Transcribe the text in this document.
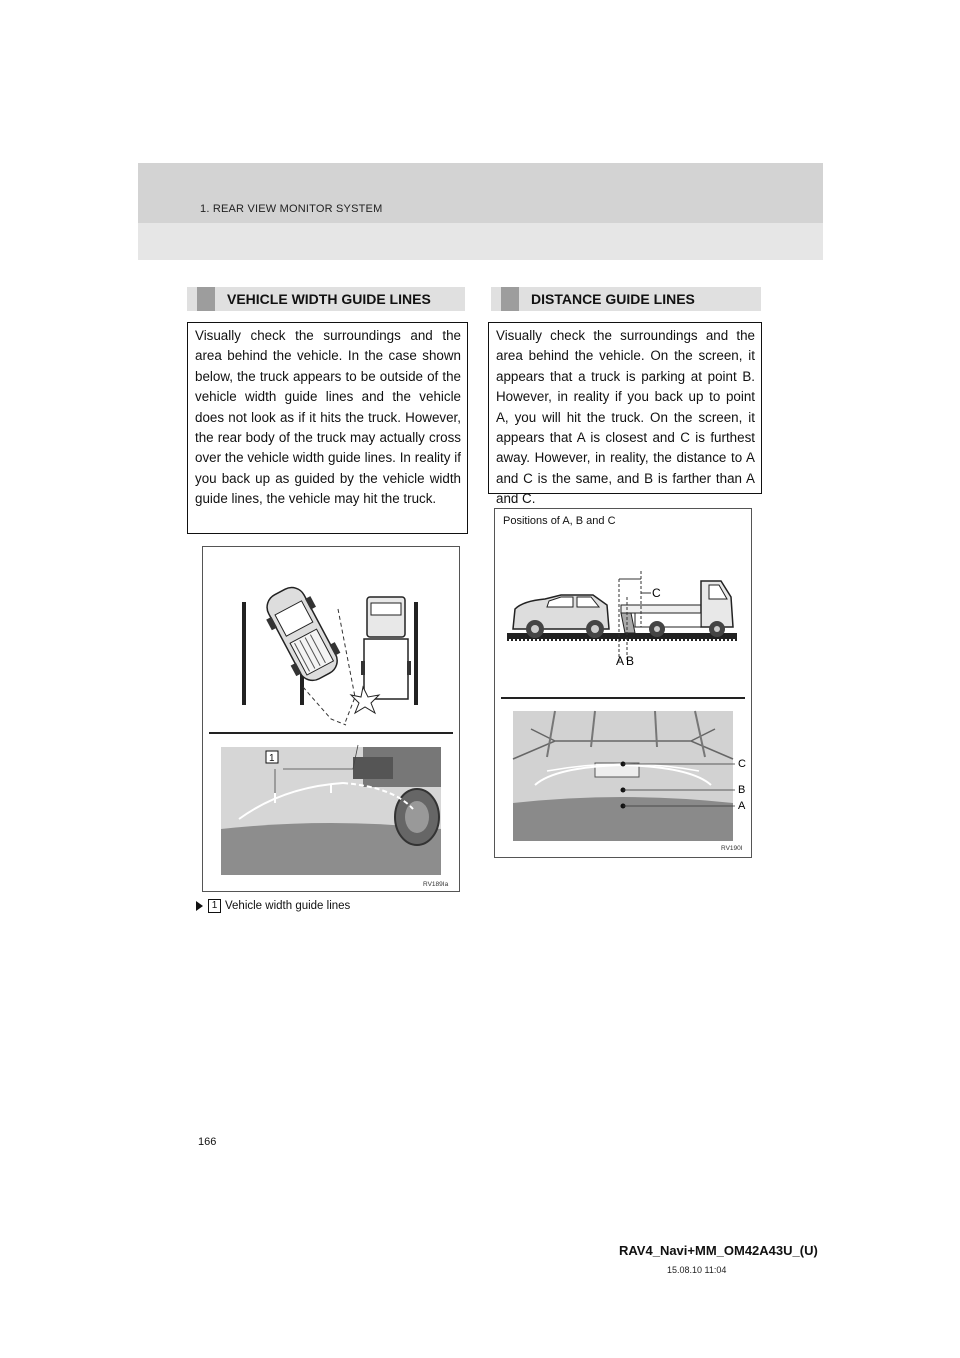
1. REAR VIEW MONITOR SYSTEM
VEHICLE WIDTH GUIDE LINES
Visually check the surroundings and the area behind the vehicle. In the case shown below, the truck appears to be outside of the vehicle width guide lines and the vehicle does not look as if it hits the truck. However, the rear body of the truck may actually cross over the vehicle width guide lines. In reality if you back up as guided by the vehicle width guide lines, the vehicle may hit the truck.
1
RV189Ia
1 Vehicle width guide lines
DISTANCE GUIDE LINES
Visually check the surroundings and the area behind the vehicle. On the screen, it appears that a truck is parking at point B. However, in reality if you back up to point A, you will hit the truck. On the screen, it appears that A is closest and C is furthest away. However, in reality, the distance to A and C is the same, and B is farther than A and C.
Positions of A, B and C
C
A B
C
B
A
RV190I
166
RAV4_Navi+MM_OM42A43U_(U)
15.08.10 11:04
